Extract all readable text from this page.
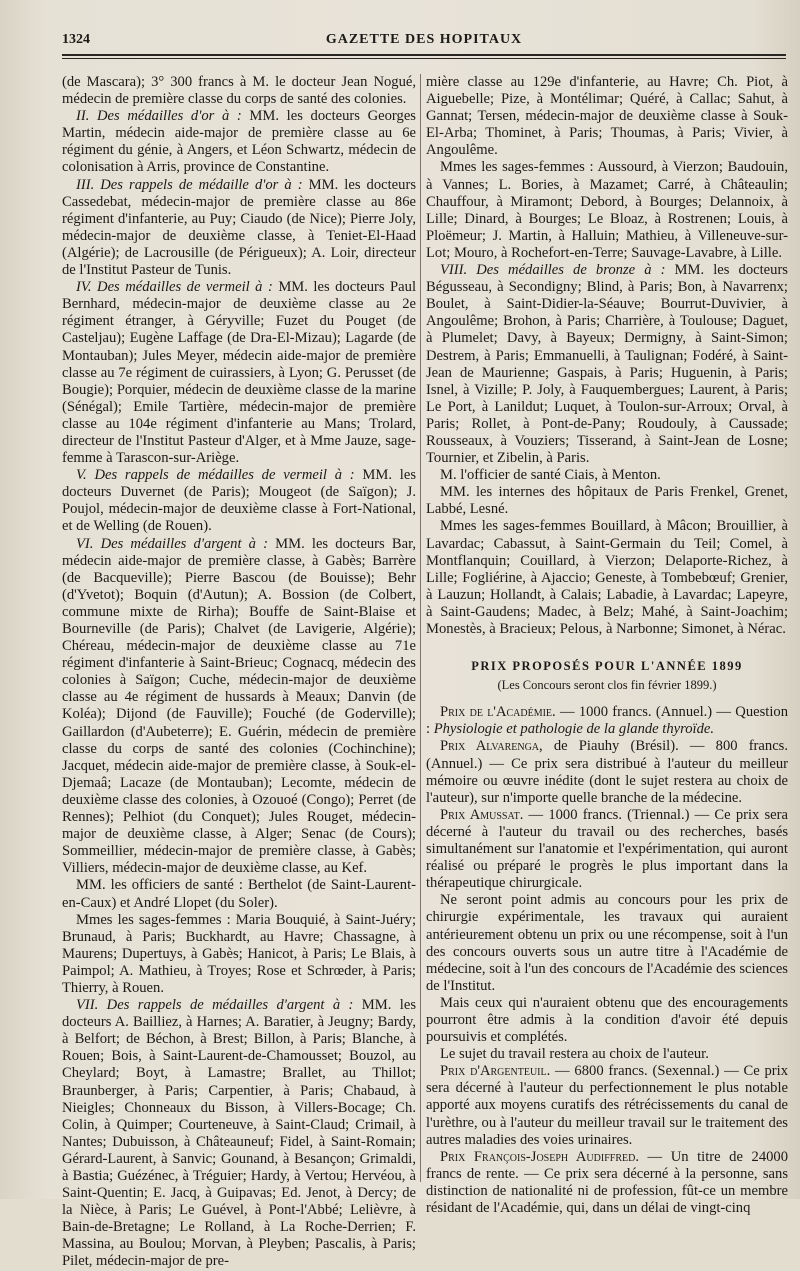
1324	GAZETTE DES HOPITAUX

(de Mascara); 3° 300 francs à M. le docteur Jean Nogué, médecin de première classe du corps de santé des colonies.

II. Des médailles d'or à : MM. les docteurs Georges Martin, médecin aide-major de première classe au 6e régiment du génie, à Angers, et Léon Schwartz, médecin de colonisation à Arris, province de Constantine.

III. Des rappels de médaille d'or à : MM. les docteurs Cassedebat, médecin-major de première classe au 86e régiment d'infanterie, au Puy; Ciaudo (de Nice); Pierre Joly, médecin-major de deuxième classe, à Teniet-El-Haad (Algérie); de Lacrousille (de Périgueux); A. Loir, directeur de l'Institut Pasteur de Tunis.

IV. Des médailles de vermeil à : MM. les docteurs Paul Bernhard, médecin-major de deuxième classe au 2e régiment étranger, à Géryville; Fuzet du Pouget (de Casteljau); Eugène Laffage (de Dra-El-Mizau); Lagarde (de Montauban); Jules Meyer, médecin aide-major de première classe au 7e régiment de cuirassiers, à Lyon; G. Perusset (de Bougie); Porquier, médecin de deuxième classe de la marine (Sénégal); Emile Tartière, médecin-major de première classe au 104e régiment d'infanterie au Mans; Trolard, directeur de l'Institut Pasteur d'Alger, et à Mme Jauze, sage-femme à Tarascon-sur-Ariège.

V. Des rappels de médailles de vermeil à : MM. les docteurs Duvernet (de Paris); Mougeot (de Saïgon); J. Poujol, médecin-major de deuxième classe à Fort-National, et de Welling (de Rouen).

VI. Des médailles d'argent à : MM. les docteurs Bar, médecin aide-major de première classe, à Gabès; Barrère (de Bacqueville); Pierre Bascou (de Bouisse); Behr (d'Yvetot); Boquin (d'Autun); A. Bossion (de Colbert, commune mixte de Rirha); Bouffe de Saint-Blaise et Bourneville (de Paris); Chalvet (de Lavigerie, Algérie); Chéreau, médecin-major de deuxième classe au 71e régiment d'infanterie à Saint-Brieuc; Cognacq, médecin des colonies à Saïgon; Cuche, médecin-major de deuxième classe au 4e régiment de hussards à Meaux; Danvin (de Koléa); Dijond (de Fauville); Fouché (de Goderville); Gaillardon (d'Aubeterre); E. Guérin, médecin de première classe du corps de santé des colonies (Cochinchine); Jacquet, médecin aide-major de première classe, à Souk-el-Djemaâ; Lacaze (de Montauban); Lecomte, médecin de deuxième classe des colonies, à Ozouoé (Congo); Perret (de Rennes); Pelhiot (du Conquet); Jules Rouget, médecin-major de deuxième classe, à Alger; Senac (de Cours); Sommeillier, médecin-major de première classe, à Gabès; Villiers, médecin-major de deuxième classe, au Kef.

MM. les officiers de santé : Berthelot (de Saint-Laurent-en-Caux) et André Llopet (du Soler).

Mmes les sages-femmes : Maria Bouquié, à Saint-Juéry; Brunaud, à Paris; Buckhardt, au Havre; Chassagne, à Maurens; Dupertuys, à Gabès; Hanicot, à Paris; Le Blais, à Paimpol; A. Mathieu, à Troyes; Rose et Schrœder, à Paris; Thierry, à Rouen.

VII. Des rappels de médailles d'argent à : MM. les docteurs A. Bailliez, à Harnes; A. Baratier, à Jeugny; Bardy, à Belfort; de Béchon, à Brest; Billon, à Paris; Blanche, à Rouen; Bois, à Saint-Laurent-de-Chamousset; Bouzol, au Cheylard; Boyt, à Lamastre; Brallet, au Thillot; Braunberger, à Paris; Carpentier, à Paris; Chabaud, à Nieigles; Chonneaux du Bisson, à Villers-Bocage; Ch. Colin, à Quimper; Courteneuve, à Saint-Claud; Crimail, à Nantes; Dubuisson, à Châteauneuf; Fidel, à Saint-Romain; Gérard-Laurent, à Sanvic; Gounand, à Besançon; Grimaldi, à Bastia; Guézénec, à Tréguier; Hardy, à Vertou; Hervéou, à Saint-Quentin; E. Jacq, à Guipavas; Ed. Jenot, à Dercy; de la Nièce, à Paris; Le Guével, à Pont-l'Abbé; Lelièvre, à Bain-de-Bretagne; Le Rolland, à La Roche-Derrien; F. Massina, au Boulou; Morvan, à Pleyben; Pascalis, à Paris; Pilet, médecin-major de pre-

mière classe au 129e d'infanterie, au Havre; Ch. Piot, à Aiguebelle; Pize, à Montélimar; Quéré, à Callac; Sahut, à Gannat; Tersen, médecin-major de deuxième classe à Souk-El-Arba; Thominet, à Paris; Thoumas, à Paris; Vivier, à Angoulême.

Mmes les sages-femmes : Aussourd, à Vierzon; Baudouin, à Vannes; L. Bories, à Mazamet; Carré, à Châteaulin; Chauffour, à Miramont; Debord, à Bourges; Delannoix, à Lille; Dinard, à Bourges; Le Bloaz, à Rostrenen; Louis, à Ploëmeur; J. Martin, à Halluin; Mathieu, à Villeneuve-sur-Lot; Mouro, à Rochefort-en-Terre; Sauvage-Lavabre, à Lille.

VIII. Des médailles de bronze à : MM. les docteurs Bégusseau, à Secondigny; Blind, à Paris; Bon, à Navarrenx; Boulet, à Saint-Didier-la-Séauve; Bourrut-Duvivier, à Angoulême; Brohon, à Paris; Charrière, à Toulouse; Daguet, à Plumelet; Davy, à Bayeux; Dermigny, à Saint-Simon; Destrem, à Paris; Emmanuelli, à Taulignan; Fodéré, à Saint-Jean de Maurienne; Gaspais, à Paris; Huguenin, à Paris; Isnel, à Vizille; P. Joly, à Fauquembergues; Laurent, à Paris; Le Port, à Lanildut; Luquet, à Toulon-sur-Arroux; Orval, à Paris; Rollet, à Pont-de-Pany; Roudouly, à Caussade; Rousseaux, à Vouziers; Tisserand, à Saint-Jean de Losne; Tournier, et Zibelin, à Paris.

M. l'officier de santé Ciais, à Menton.

MM. les internes des hôpitaux de Paris Frenkel, Grenet, Labbé, Lesné.

Mmes les sages-femmes Bouillard, à Mâcon; Brouillier, à Lavardac; Cabassut, à Saint-Germain du Teil; Comel, à Montflanquin; Couillard, à Vierzon; Delaporte-Richez, à Lille; Fogliérine, à Ajaccio; Geneste, à Tombebœuf; Grenier, à Lauzun; Hollandt, à Calais; Labadie, à Lavardac; Lapeyre, à Saint-Gaudens; Madec, à Belz; Mahé, à Saint-Joachim; Monestès, à Bracieux; Pelous, à Narbonne; Simonet, à Nérac.

PRIX PROPOSÉS POUR L'ANNÉE 1899
(Les Concours seront clos fin février 1899.)

Prix de l'Académie. — 1000 francs. (Annuel.) — Question : Physiologie et pathologie de la glande thyroïde.

Prix Alvarenga, de Piauhy (Brésil). — 800 francs. (Annuel.) — Ce prix sera distribué à l'auteur du meilleur mémoire ou œuvre inédite (dont le sujet restera au choix de l'auteur), sur n'importe quelle branche de la médecine.

Prix Amussat. — 1000 francs. (Triennal.) — Ce prix sera décerné à l'auteur du travail ou des recherches, basés simultanément sur l'anatomie et l'expérimentation, qui auront réalisé ou préparé le progrès le plus important dans la thérapeutique chirurgicale.

Ne seront point admis au concours pour les prix de chirurgie expérimentale, les travaux qui auraient antérieurement obtenu un prix ou une récompense, soit à l'un des concours ouverts sous un autre titre à l'Académie de médecine, soit à l'un des concours de l'Académie des sciences de l'Institut.

Mais ceux qui n'auraient obtenu que des encouragements pourront être admis à la condition d'avoir été depuis poursuivis et complétés.

Le sujet du travail restera au choix de l'auteur.

Prix d'Argenteuil. — 6800 francs. (Sexennal.) — Ce prix sera décerné à l'auteur du perfectionnement le plus notable apporté aux moyens curatifs des rétrécissements du canal de l'urèthre, ou à l'auteur du meilleur travail sur le traitement des autres maladies des voies urinaires.

Prix François-Joseph Audiffred. — Un titre de 24000 francs de rente. — Ce prix sera décerné à la personne, sans distinction de nationalité ni de profession, fût-ce un membre résidant de l'Académie, qui, dans un délai de vingt-cinq
